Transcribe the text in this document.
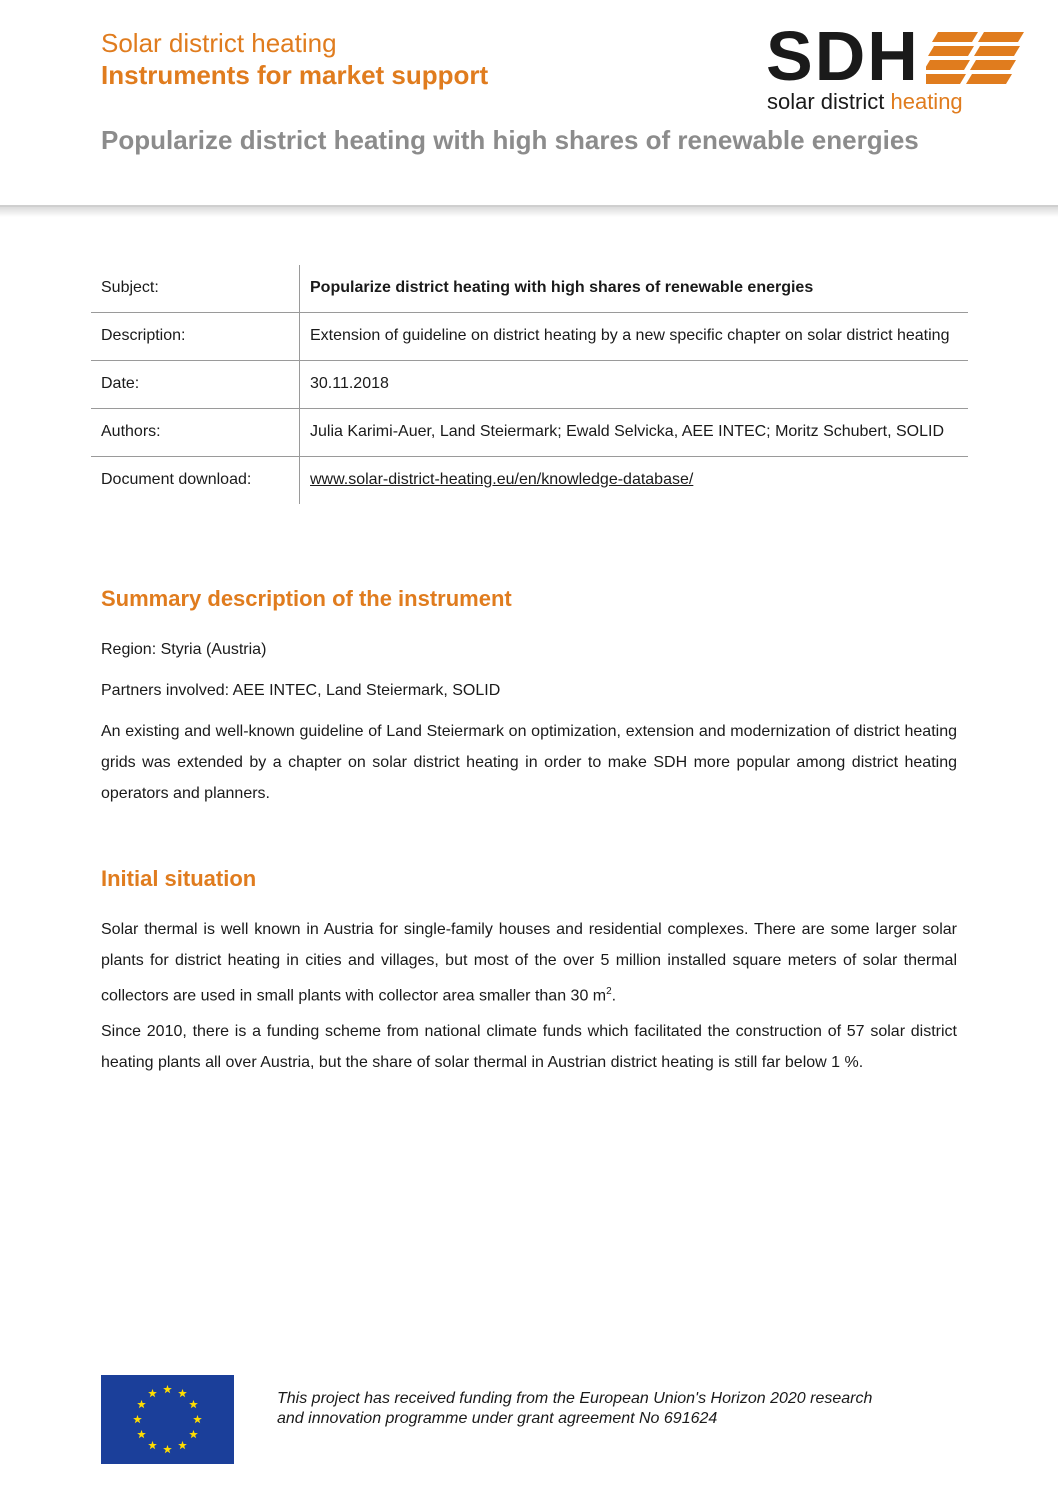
Solar district heating
Instruments for market support
Popularize district heating with high shares of renewable energies
SDH
solar district heating
Subject:	Popularize district heating with high shares of renewable energies
Description:	Extension of guideline on district heating by a new specific chapter on solar district heating
Date:	30.11.2018
Authors:	Julia Karimi-Auer, Land Steiermark; Ewald Selvicka, AEE INTEC; Moritz Schubert, SOLID
Document download:	www.solar-district-heating.eu/en/knowledge-database/
Summary description of the instrument

Region: Styria (Austria)

Partners involved: AEE INTEC, Land Steiermark, SOLID

An existing and well-known guideline of Land Steiermark on optimization, extension and modernization of district heating grids was extended by a chapter on solar district heating in order to make SDH more popular among district heating operators and planners.

Initial situation

Solar thermal is well known in Austria for single-family houses and residential complexes. There are some larger solar plants for district heating in cities and villages, but most of the over 5 million installed square meters of solar thermal collectors are used in small plants with collector area smaller than 30 $m^2$.

Since 2010, there is a funding scheme from national climate funds which facilitated the construction of 57 solar district heating plants all over Austria, but the share of solar thermal in Austrian district heating is still far below 1 %.

This project has received funding from the European Union's Horizon 2020 research
and innovation programme under grant agreement No 691624
